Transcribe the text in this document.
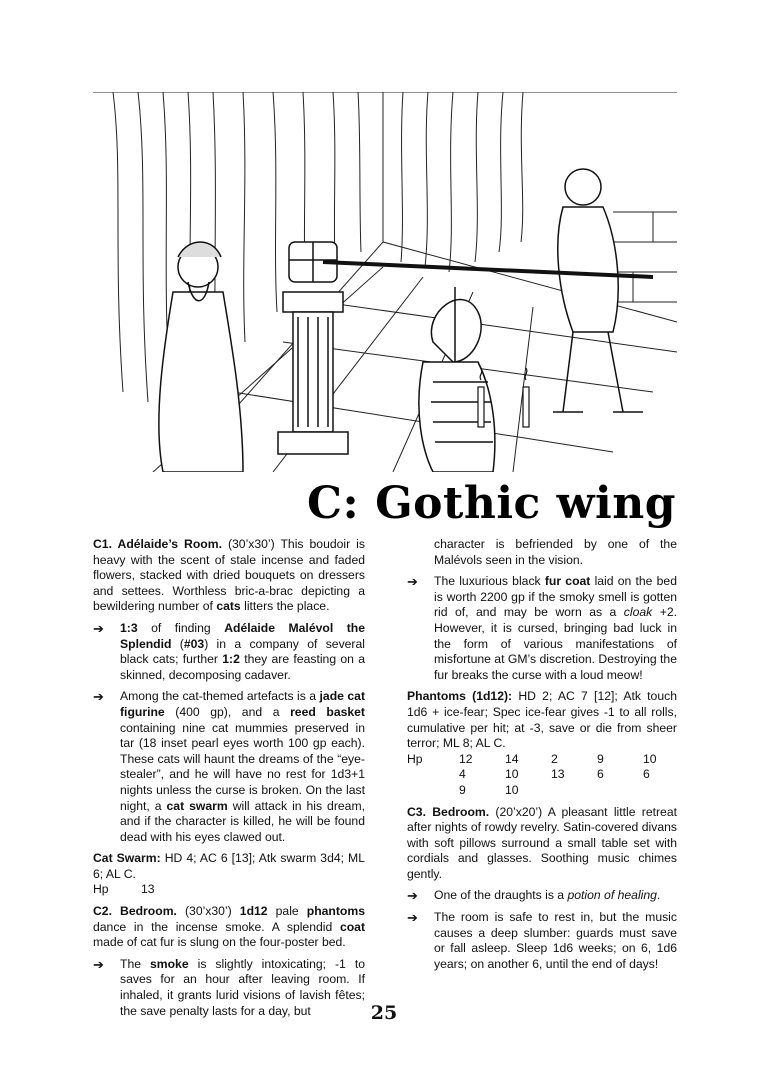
C: Gothic wing

C1. Adélaide’s Room. (30’x30’) This boudoir is heavy with the scent of stale incense and faded flowers, stacked with dried bouquets on dressers and settees. Worthless bric-a-brac depicting a bewildering number of cats litters the place.

➔ 1:3 of finding Adélaide Malévol the Splendid (#03) in a company of several black cats; further 1:2 they are feasting on a skinned, decomposing cadaver.
➔ Among the cat-themed artefacts is a jade cat figurine (400 gp), and a reed basket containing nine cat mummies preserved in tar (18 inset pearl eyes worth 100 gp each). These cats will haunt the dreams of the “eye-stealer”, and he will have no rest for 1d3+1 nights unless the curse is broken. On the last night, a cat swarm will attack in his dream, and if the character is killed, he will be found dead with his eyes clawed out.

Cat Swarm: HD 4; AC 6 [13]; Atk swarm 3d4; ML 6; AL C.

Hp	13

C2. Bedroom. (30’x30’) 1d12 pale phantoms dance in the incense smoke. A splendid coat made of cat fur is slung on the four-poster bed.

➔ The smoke is slightly intoxicating; -1 to saves for an hour after leaving room. If inhaled, it grants lurid visions of lavish fêtes; the save penalty lasts for a day, but
character is befriended by one of the Malévols seen in the vision.
➔ The luxurious black fur coat laid on the bed is worth 2200 gp if the smoky smell is gotten rid of, and may be worn as a cloak +2. However, it is cursed, bringing bad luck in the form of various manifestations of misfortune at GM’s discretion. Destroying the fur breaks the curse with a loud meow!

Phantoms (1d12): HD 2; AC 7 [12]; Atk touch 1d6 + ice-fear; Spec ice-fear gives -1 to all rolls, cumulative per hit; at -3, save or die from sheer terror; ML 8; AL C.

Hp	12	14	2	9	10
	4	10	13	6	6
	9	10			

C3. Bedroom. (20’x20’) A pleasant little retreat after nights of rowdy revelry. Satin-covered divans with soft pillows surround a small table set with cordials and glasses. Soothing music chimes gently.

➔ One of the draughts is a potion of healing.
➔ The room is safe to rest in, but the music causes a deep slumber: guards must save or fall asleep. Sleep 1d6 weeks; on 6, 1d6 years; on another 6, until the end of days!
25
